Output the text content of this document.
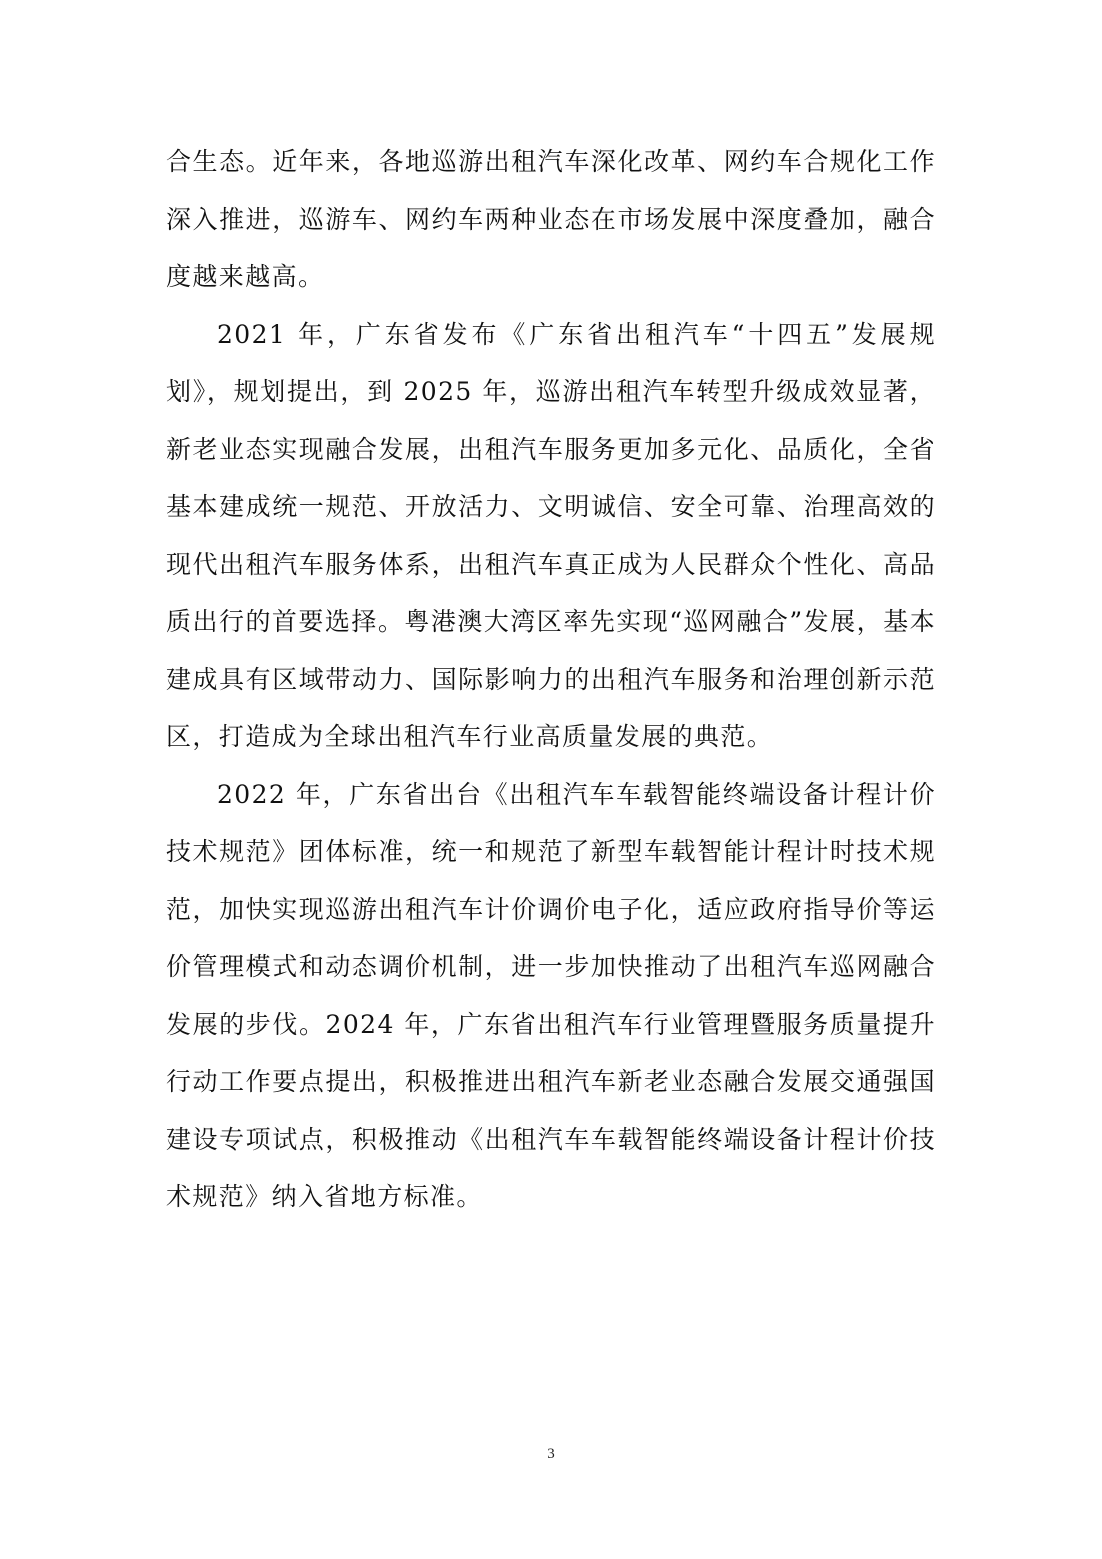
合生态。近年来，各地巡游出租汽车深化改革、网约车合规化工作深入推进，巡游车、网约车两种业态在市场发展中深度叠加，融合度越来越高。

2021 年，广东省发布《广东省出租汽车“十四五”发展规划》，规划提出，到 2025 年，巡游出租汽车转型升级成效显著，新老业态实现融合发展，出租汽车服务更加多元化、品质化，全省基本建成统一规范、开放活力、文明诚信、安全可靠、治理高效的现代出租汽车服务体系，出租汽车真正成为人民群众个性化、高品质出行的首要选择。粤港澳大湾区率先实现“巡网融合”发展，基本建成具有区域带动力、国际影响力的出租汽车服务和治理创新示范区，打造成为全球出租汽车行业高质量发展的典范。

2022 年，广东省出台《出租汽车车载智能终端设备计程计价技术规范》团体标准，统一和规范了新型车载智能计程计时技术规范，加快实现巡游出租汽车计价调价电子化，适应政府指导价等运价管理模式和动态调价机制，进一步加快推动了出租汽车巡网融合发展的步伐。2024 年，广东省出租汽车行业管理暨服务质量提升行动工作要点提出，积极推进出租汽车新老业态融合发展交通强国建设专项试点，积极推动《出租汽车车载智能终端设备计程计价技术规范》纳入省地方标准。

3
